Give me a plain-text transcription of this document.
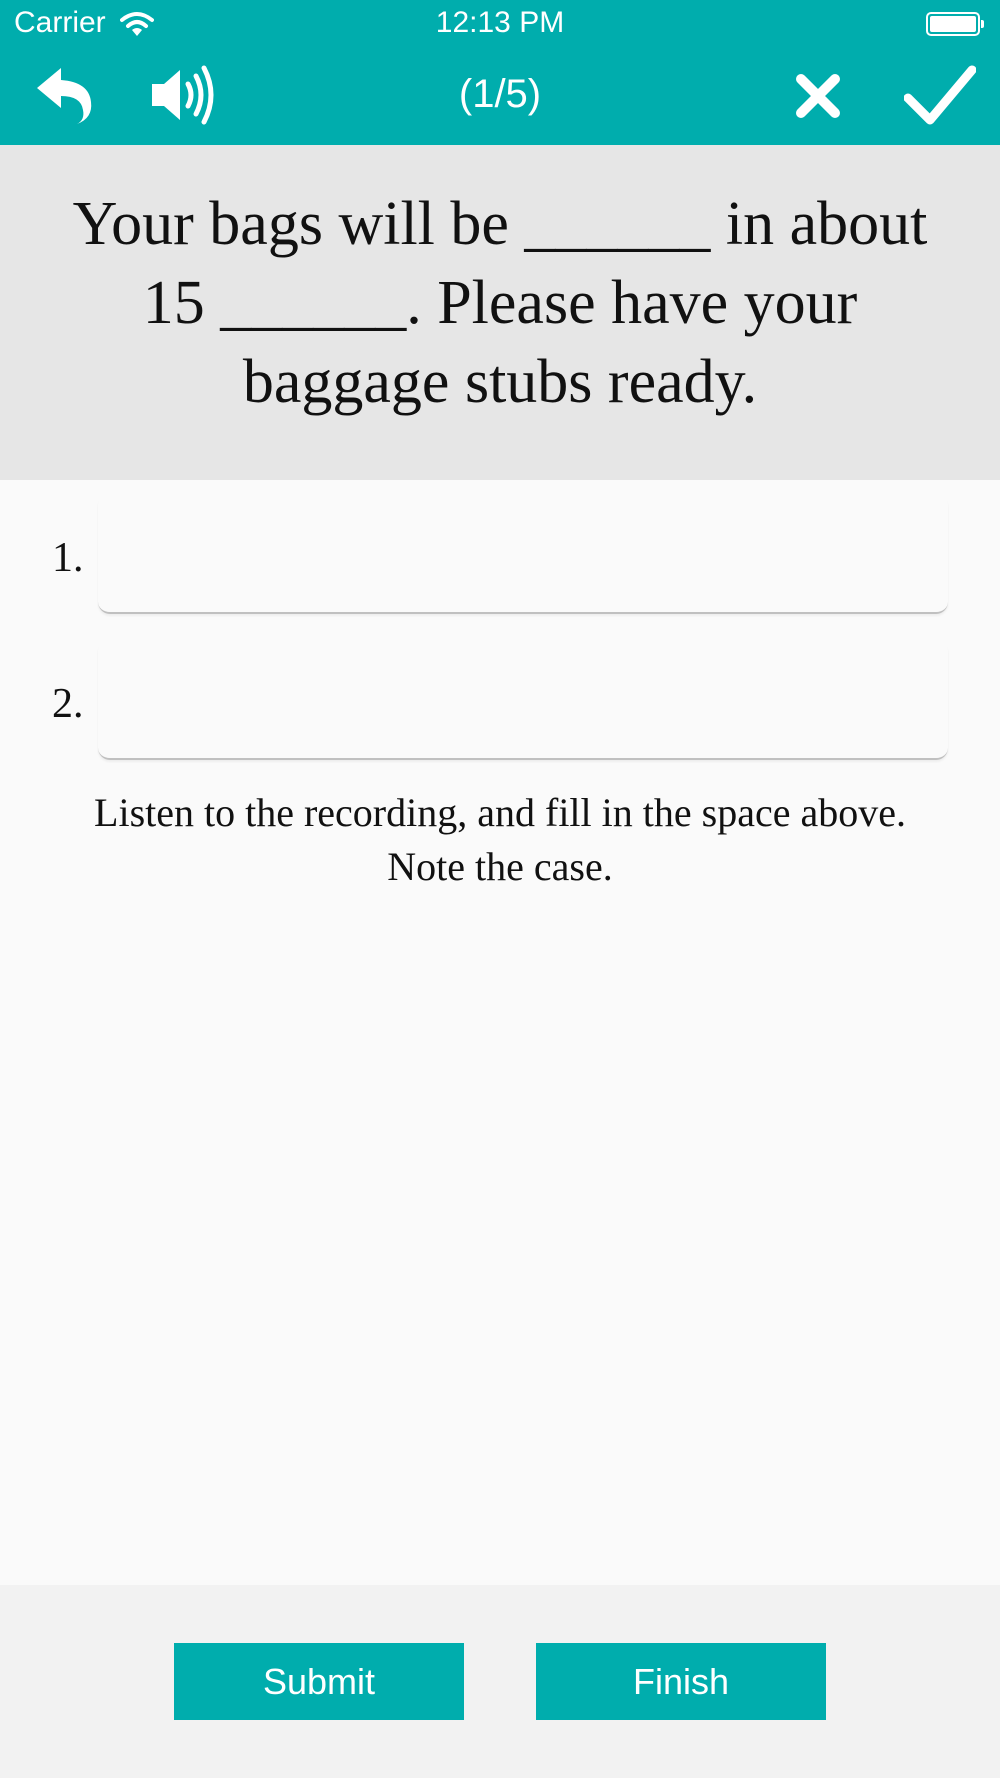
Carrier	12:13 PM
(1/5)
Your bags will be ______ in about
15 ______. Please have your
baggage stubs ready.
1.
2.
Listen to the recording, and fill in the space above.
Note the case.
Submit	Finish
